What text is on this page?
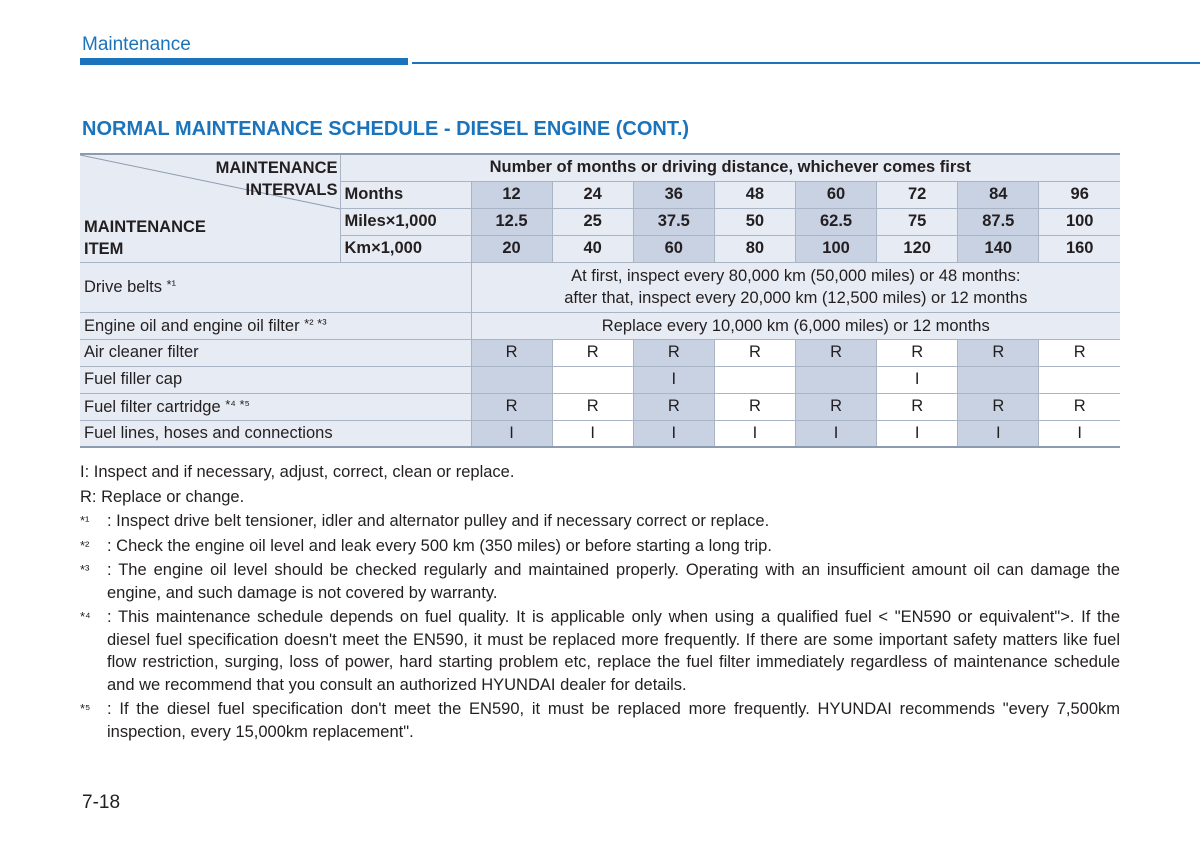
Maintenance
NORMAL MAINTENANCE SCHEDULE - DIESEL ENGINE (CONT.)
MAINTENANCE
INTERVALS
MAINTENANCE
ITEM	Number of months or driving distance, whichever comes first								
	Months	12	24	36	48	60	72	84	96
	Miles×1,000	12.5	25	37.5	50	62.5	75	87.5	100
	Km×1,000	20	40	60	80	100	120	140	160
Drive belts *¹		At first, inspect every 80,000 km (50,000 miles) or 48 months:
after that, inspect every 20,000 km (12,500 miles) or 12 months							

Engine oil and engine oil filter *² *³		Replace every 10,000 km (6,000 miles) or 12 months							

Air cleaner filter		R	R	R	R	R	R	R	R
Fuel filler cap				I			I		
Fuel filter cartridge *⁴ *⁵		R	R	R	R	R	R	R	R
Fuel lines, hoses and connections		I	I	I	I	I	I	I	I
I : Inspect and if necessary, adjust, correct, clean or replace.
R : Replace or change.
*¹	: Inspect drive belt tensioner, idler and alternator pulley and if necessary correct or replace.
*²	: Check the engine oil level and leak every 500 km (350 miles) or before starting a long trip.
*³	: The engine oil level should be checked regularly and maintained properly. Operating with an insufficient amount oil can damage the engine, and such damage is not covered by warranty.
*⁴ : This maintenance schedule depends on fuel quality. It is applicable only when using a qualified fuel < "EN590 or equivalent">. If the diesel fuel specification doesn't meet the EN590, it must be replaced more frequently. If there are some important safety matters like fuel flow restriction, surging, loss of power, hard starting problem etc, replace the fuel filter immediately regardless of maintenance schedule and we recommend that you consult an authorized HYUNDAI dealer for details.
*⁵	: If the diesel fuel specification don't meet the EN590, it must be replaced more frequently. HYUNDAI recommends "every 7,500km inspection, every 15,000km replacement".
7-18
